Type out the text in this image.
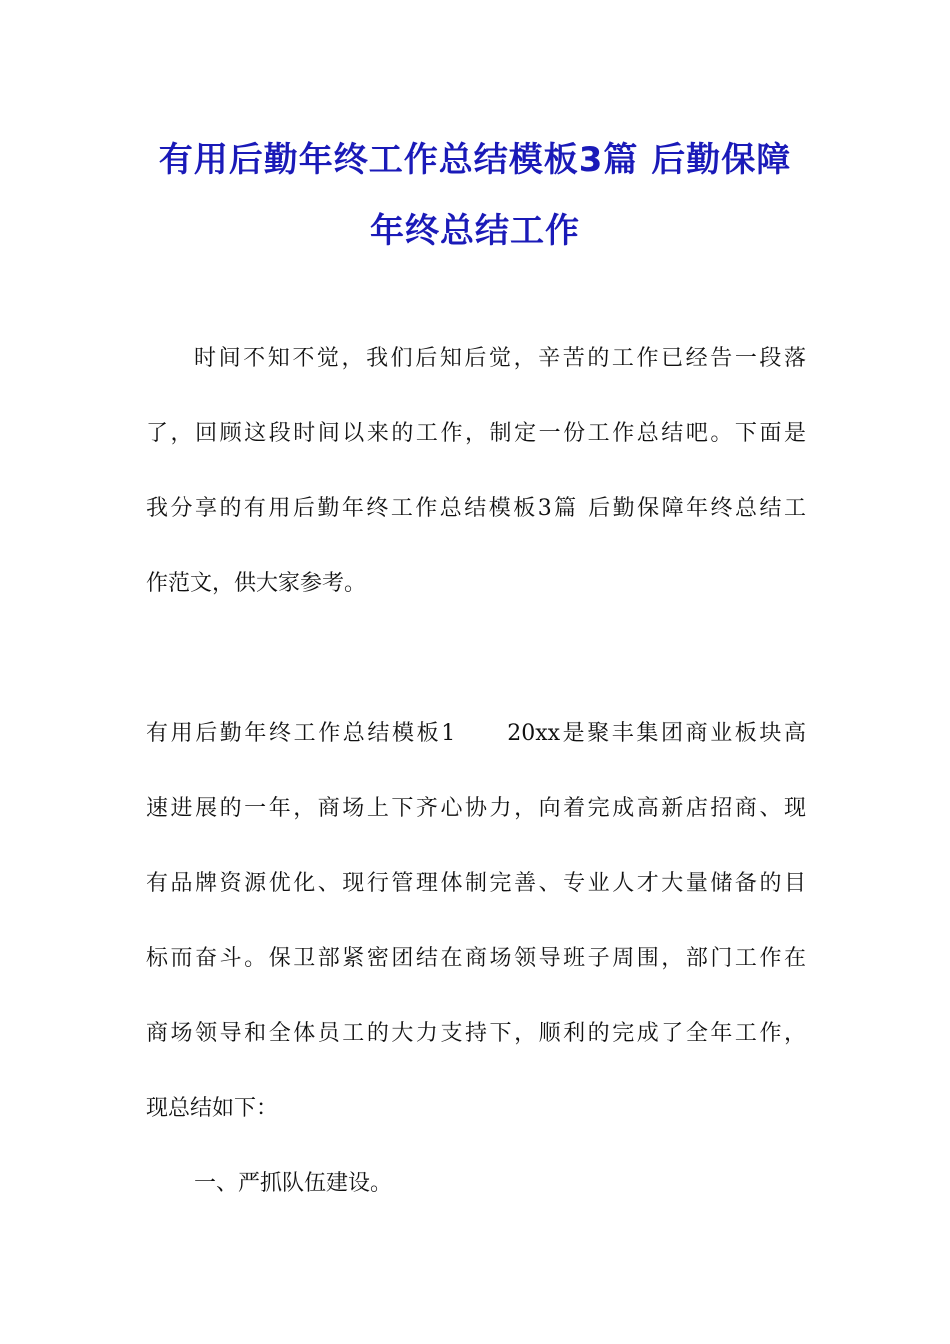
有用后勤年终工作总结模板3篇 后勤保障
年终总结工作
时间不知不觉，我们后知后觉，辛苦的工作已经告一段落
了，回顾这段时间以来的工作，制定一份工作总结吧。下面是
我分享的有用后勤年终工作总结模板3篇 后勤保障年终总结工
作范文，供大家参考。
有用后勤年终工作总结模板1 20xx是聚丰集团商业板块高
速进展的一年，商场上下齐心协力，向着完成高新店招商、现
有品牌资源优化、现行管理体制完善、专业人才大量储备的目
标而奋斗。保卫部紧密团结在商场领导班子周围，部门工作在
商场领导和全体员工的大力支持下，顺利的完成了全年工作，
现总结如下：
一、严抓队伍建设。
